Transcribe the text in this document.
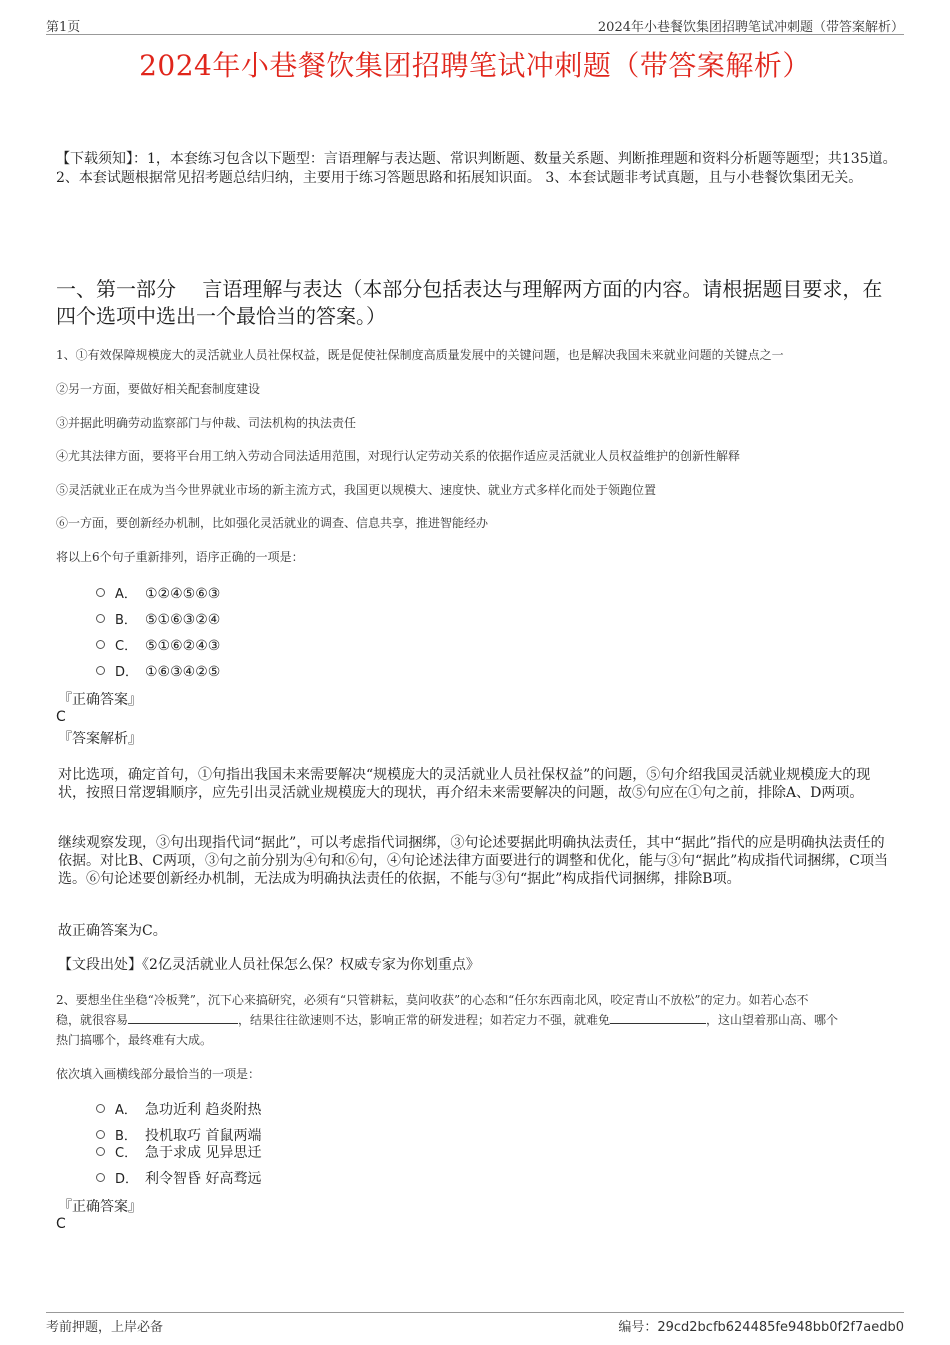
第1页	2024年小巷餐饮集团招聘笔试冲刺题（带答案解析）
2024年小巷餐饮集团招聘笔试冲刺题（带答案解析）
【下载须知】：1，本套练习包含以下题型：言语理解与表达题、常识判断题、数量关系题、判断推理题和资料分析题等题型；共135道。 2、本套试题根据常见招考题总结归纳，主要用于练习答题思路和拓展知识面。 3、本套试题非考试真题，且与小巷餐饮集团无关。
一、第一部分　 言语理解与表达（本部分包括表达与理解两方面的内容。请根据题目要求，在四个选项中选出一个最恰当的答案。）
1、①有效保障规模庞大的灵活就业人员社保权益，既是促使社保制度高质量发展中的关键问题，也是解决我国未来就业问题的关键点之一
②另一方面，要做好相关配套制度建设
③并据此明确劳动监察部门与仲裁、司法机构的执法责任
④尤其法律方面，要将平台用工纳入劳动合同法适用范围，对现行认定劳动关系的依据作适应灵活就业人员权益维护的创新性解释
⑤灵活就业正在成为当今世界就业市场的新主流方式，我国更以规模大、速度快、就业方式多样化而处于领跑位置
⑥一方面，要创新经办机制，比如强化灵活就业的调查、信息共享，推进智能经办
将以上6个句子重新排列，语序正确的一项是：
A． ①②④⑤⑥③
B． ⑤①⑥③②④
C． ⑤①⑥②④③
D． ①⑥③④②⑤
『正确答案』
C
『答案解析』
对比选项，确定首句，①句指出我国未来需要解决“规模庞大的灵活就业人员社保权益”的问题，⑤句介绍我国灵活就业规模庞大的现状，按照日常逻辑顺序，应先引出灵活就业规模庞大的现状，再介绍未来需要解决的问题，故⑤句应在①句之前，排除A、D两项。
继续观察发现，③句出现指代词“据此”，可以考虑指代词捆绑，③句论述要据此明确执法责任，其中“据此”指代的应是明确执法责任的依据。对比B、C两项，③句之前分别为④句和⑥句，④句论述法律方面要进行的调整和优化，能与③句“据此”构成指代词捆绑，C项当选。⑥句论述要创新经办机制，无法成为明确执法责任的依据，不能与③句“据此”构成指代词捆绑，排除B项。
故正确答案为C。
【文段出处】《2亿灵活就业人员社保怎么保？权威专家为你划重点》
2、要想坐住坐稳“冷板凳”，沉下心来搞研究，必须有“只管耕耘，莫问收获”的心态和“任尔东西南北风，咬定青山不放松”的定力。如若心态不
稳，就很容易	，结果往往欲速则不达，影响正常的研发进程；如若定力不强，就难免	，这山望着那山高、哪个
热门搞哪个，最终难有大成。
依次填入画横线部分最恰当的一项是：
A． 急功近利 趋炎附热
B． 投机取巧 首鼠两端
C． 急于求成 见异思迁
D． 利令智昏 好高骛远
『正确答案』
C
考前押题，上岸必备	编号：29cd2bcfb624485fe948bb0f2f7aedb0
